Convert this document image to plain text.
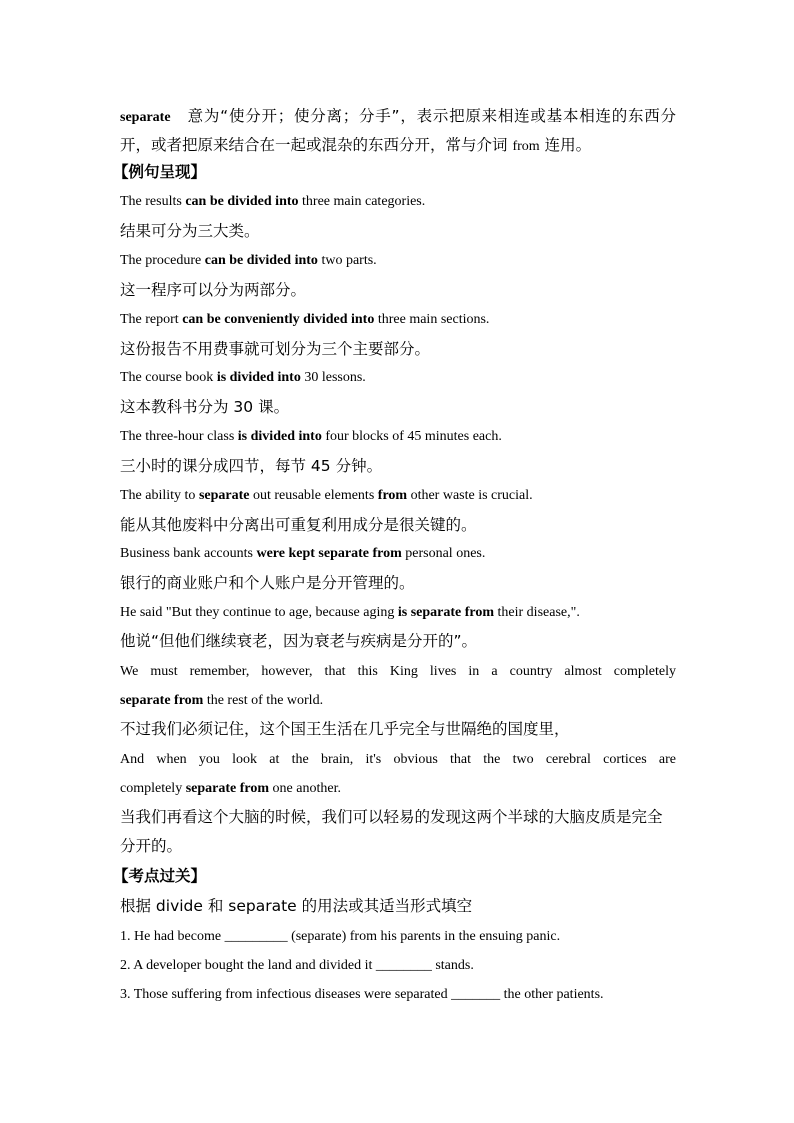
separate 意为“使分开；使分离；分手”，表示把原来相连或基本相连的东西分
开，或者把原来结合在一起或混杂的东西分开，常与介词 from 连用。
【例句呈现】
The results can be divided into three main categories.
结果可分为三大类。
The procedure can be divided into two parts.
这一程序可以分为两部分。
The report can be conveniently divided into three main sections.
这份报告不用费事就可划分为三个主要部分。
The course book is divided into 30 lessons.
这本教科书分为 30 课。
The three-hour class is divided into four blocks of 45 minutes each.
三小时的课分成四节，每节 45 分钟。
The ability to separate out reusable elements from other waste is crucial.
能从其他废料中分离出可重复利用成分是很关键的。
Business bank accounts were kept separate from personal ones.
银行的商业账户和个人账户是分开管理的。
He said "But they continue to age, because aging is separate from their disease,".
他说“但他们继续衰老，因为衰老与疾病是分开的”。
We must remember, however, that this King lives in a country almost completely
separate from the rest of the world.
不过我们必须记住，这个国王生活在几乎完全与世隔绝的国度里，
And when you look at the brain, it's obvious that the two cerebral cortices are
completely separate from one another.
当我们再看这个大脑的时候，我们可以轻易的发现这两个半球的大脑皮质是完全
分开的。
【考点过关】
根据 divide 和 separate 的用法或其适当形式填空
1. He had become _________ (separate) from his parents in the ensuing panic.
2. A developer bought the land and divided it ________ stands.
3. Those suffering from infectious diseases were separated _______ the other patients.
